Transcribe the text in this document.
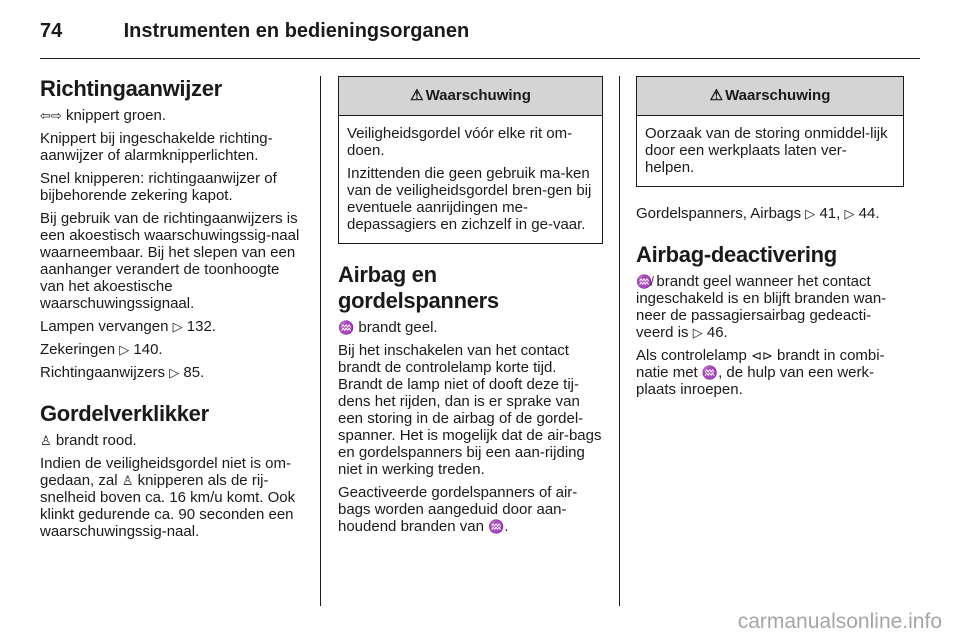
74	Instrumenten en bedieningsorganen
Richtingaanwijzer

⇦⇨ knippert groen.

Knippert bij ingeschakelde richting-aanwijzer of alarmknipperlichten.

Snel knipperen: richtingaanwijzer of bijbehorende zekering kapot.

Bij gebruik van de richtingaanwijzers is een akoestisch waarschuwingssig-naal waarneembaar. Bij het slepen van een aanhanger verandert de toonhoogte van het akoestische waarschuwingssignaal.

Lampen vervangen ▷ 132.

Zekeringen ▷ 140.

Richtingaanwijzers ▷ 85.

Gordelverklikker

♙ brandt rood.

Indien de veiligheidsgordel niet is om-gedaan, zal ♙ knipperen als de rij-snelheid boven ca. 16 km/u komt. Ook klinkt gedurende ca. 90 seconden een waarschuwingssig-naal.

⚠ Waarschuwing

Veiligheidsgordel vóór elke rit om-doen.

Inzittenden die geen gebruik ma-ken van de veiligheidsgordel bren-gen bij eventuele aanrijdingen me-depassagiers en zichzelf in ge-vaar.

Airbag en gordelspanners

♒ brandt geel.

Bij het inschakelen van het contact brandt de controlelamp korte tijd. Brandt de lamp niet of dooft deze tij-dens het rijden, dan is er sprake van een storing in de airbag of de gordel-spanner. Het is mogelijk dat de air-bags en gordelspanners bij een aan-rijding niet in werking treden.

Geactiveerde gordelspanners of air-bags worden aangeduid door aan-houdend branden van ♒.

⚠ Waarschuwing

Oorzaak van de storing onmiddel-lijk door een werkplaats laten ver-helpen.

Gordelspanners, Airbags ▷ 41, ▷ 44.

Airbag-deactivering

♒̸ brandt geel wanneer het contact ingeschakeld is en blijft branden wan-neer de passagiersairbag gedeacti-veerd is ▷ 46.

Als controlelamp ⊲⊳ brandt in combi-natie met ♒, de hulp van een werk-plaats inroepen.

carmanualsonline.info
